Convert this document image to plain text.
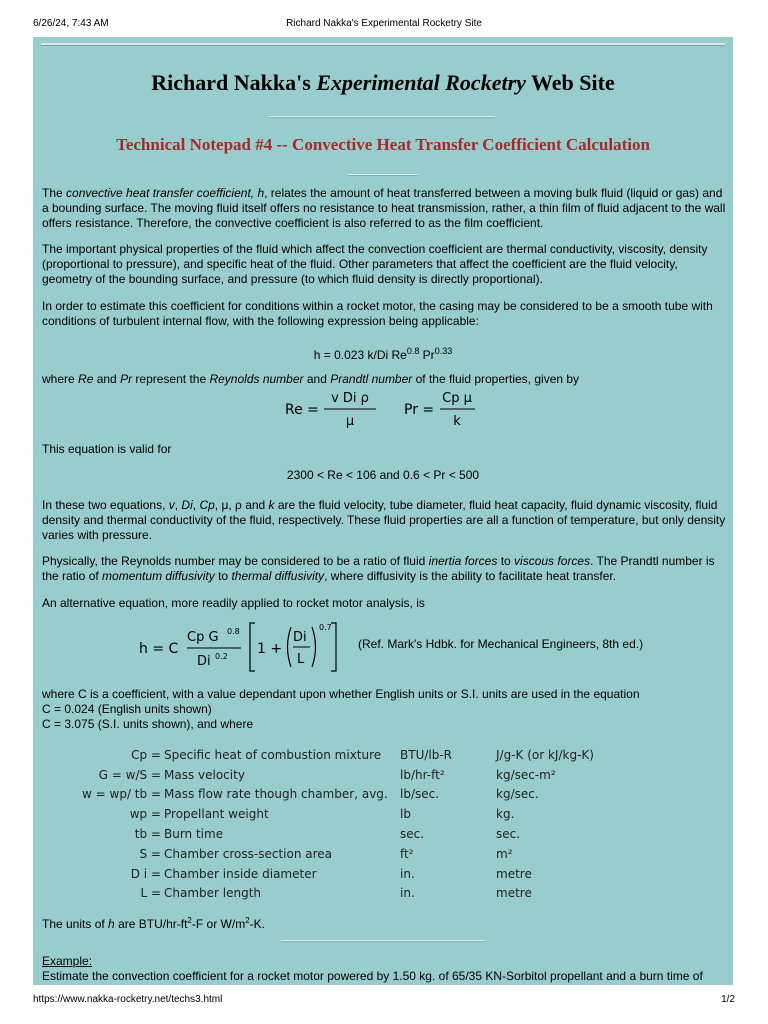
6/26/24, 7:43 AM	Richard Nakka's Experimental Rocketry Site
Richard Nakka's Experimental Rocketry Web Site
Technical Notepad #4 -- Convective Heat Transfer Coefficient Calculation

The convective heat transfer coefficient, h, relates the amount of heat transferred between a moving bulk fluid (liquid or gas) and a bounding surface. The moving fluid itself offers no resistance to heat transmission, rather, a thin film of fluid adjacent to the wall offers resistance. Therefore, the convective coefficient is also referred to as the film coefficient.

The important physical properties of the fluid which affect the convection coefficient are thermal conductivity, viscosity, density (proportional to pressure), and specific heat of the fluid. Other parameters that affect the coefficient are the fluid velocity, geometry of the bounding surface, and pressure (to which fluid density is directly proportional).

In order to estimate this coefficient for conditions within a rocket motor, the casing may be considered to be a smooth tube with conditions of turbulent internal flow, with the following expression being applicable:

h = 0.023 k/Di $Re^{0.8}$ $Pr^{0.33}$

where Re and Pr represent the Reynolds number and Prandtl number of the fluid properties, given by

Re =
v Di ρ
μ
Pr =
Cp μ
k

This equation is valid for

2300 < Re < 106 and 0.6 < Pr < 500

In these two equations, v, Di, Cp, μ, ρ and k are the fluid velocity, tube diameter, fluid heat capacity, fluid dynamic viscosity, fluid density and thermal conductivity of the fluid, respectively. These fluid properties are all a function of temperature, but only density varies with pressure.

Physically, the Reynolds number may be considered to be a ratio of fluid inertia forces to viscous forces. The Prandtl number is the ratio of momentum diffusivity to thermal diffusivity, where diffusivity is the ability to facilitate heat transfer.

An alternative equation, more readily applied to rocket motor analysis, is

h = C
Cp G 0.8
Di 0.2 1 +
Di
L
0.7
(Ref. Mark's Hdbk. for Mechanical Engineers, 8th ed.)

where C is a coefficient, with a value dependant upon whether English units or S.I. units are used in the equation
C = 0.024 (English units shown)
C = 3.075 (S.I. units shown), and where

Cp =	Specific heat of combustion mixture	BTU/lb-R	J/g-K (or kJ/kg-K)
G = w/S =	Mass velocity	lb/hr-ft²	kg/sec-m²
w = wp/ tb =	Mass flow rate though chamber, avg.	lb/sec.	kg/sec.
wp =	Propellant weight	lb	kg.
tb =	Burn time	sec.	sec.
S =	Chamber cross-section area	ft²	m²
D i =	Chamber inside diameter	in.	metre
L =	Chamber length	in.	metre

The units of h are BTU/$hr-ft^2-F$ or $W/m^2-K$.

Example:
Estimate the convection coefficient for a rocket motor powered by 1.50 kg. of 65/35 KN-Sorbitol propellant and a burn time of

https://www.nakka-rocketry.net/techs3.html	1/2
